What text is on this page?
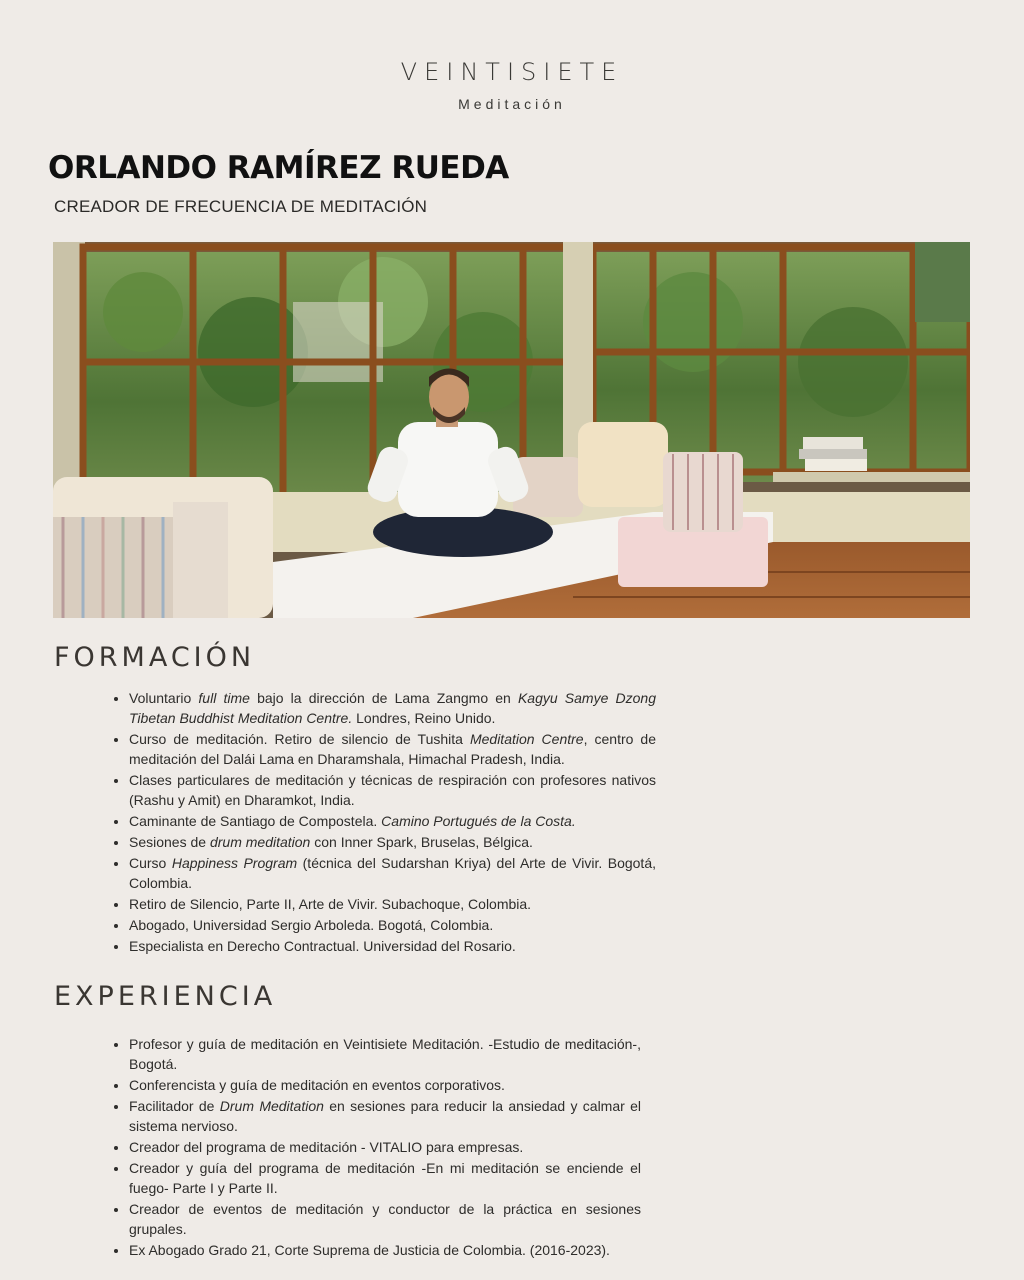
VEINTISIETE
Meditación
ORLANDO RAMÍREZ RUEDA
CREADOR DE FRECUENCIA DE MEDITACIÓN
FORMACIÓN
• Voluntario full time bajo la dirección de Lama Zangmo en Kagyu Samye Dzong Tibetan Buddhist Meditation Centre. Londres, Reino Unido.
• Curso de meditación. Retiro de silencio de Tushita Meditation Centre, centro de meditación del Dalái Lama en Dharamshala, Himachal Pradesh, India.
• Clases particulares de meditación y técnicas de respiración con profesores nativos (Rashu y Amit) en Dharamkot, India.
• Caminante de Santiago de Compostela. Camino Portugués de la Costa.
• Sesiones de drum meditation con Inner Spark, Bruselas, Bélgica.
• Curso Happiness Program (técnica del Sudarshan Kriya) del Arte de Vivir. Bogotá, Colombia.
• Retiro de Silencio, Parte II, Arte de Vivir. Subachoque, Colombia.
• Abogado, Universidad Sergio Arboleda. Bogotá, Colombia.
• Especialista en Derecho Contractual. Universidad del Rosario.
EXPERIENCIA
• Profesor y guía de meditación en Veintisiete Meditación. -Estudio de meditación-, Bogotá.
• Conferencista y guía de meditación en eventos corporativos.
• Facilitador de Drum Meditation en sesiones para reducir la ansiedad y calmar el sistema nervioso.
• Creador del programa de meditación - VITALIO para empresas.
• Creador y guía del programa de meditación -En mi meditación se enciende el fuego- Parte I y Parte II.
• Creador de eventos de meditación y conductor de la práctica en sesiones grupales.
• Ex Abogado Grado 21, Corte Suprema de Justicia de Colombia. (2016-2023).
